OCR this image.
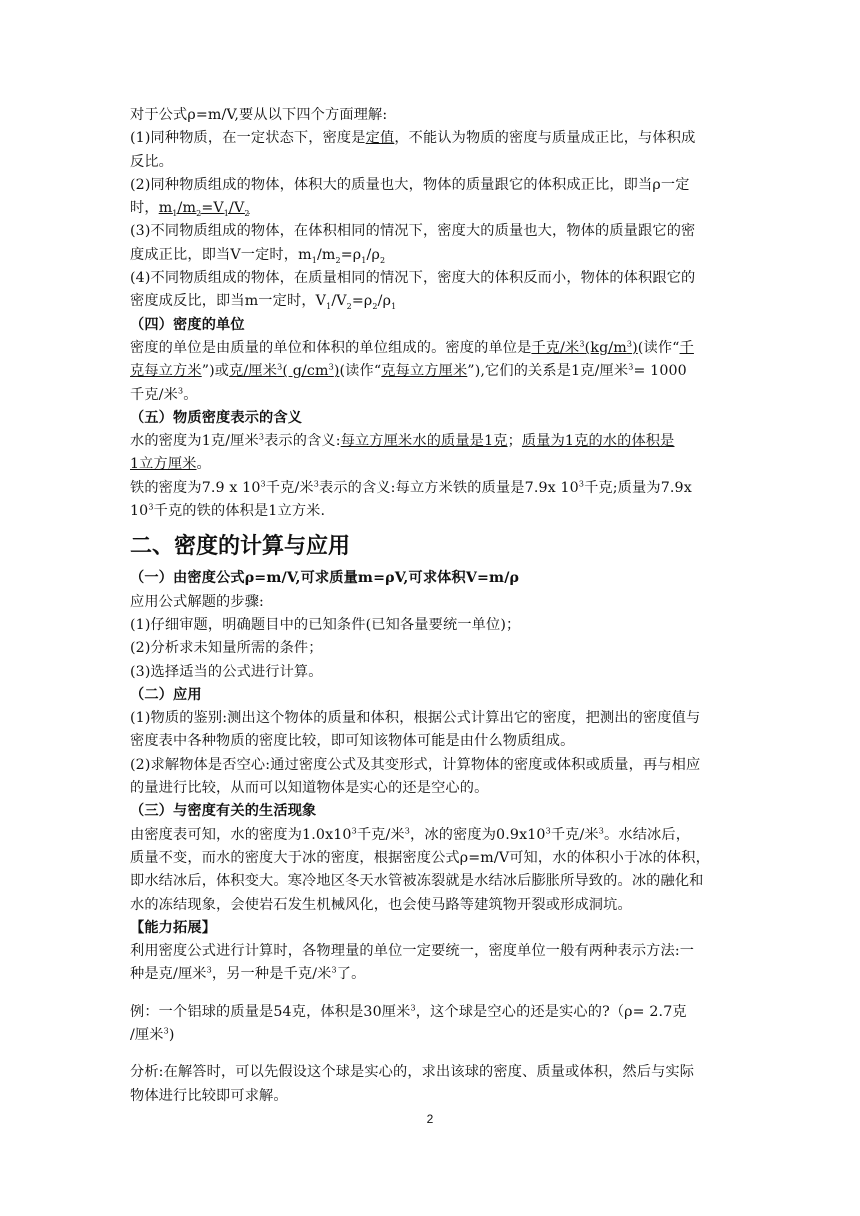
对于公式ρ=m/V,要从以下四个方面理解:
(1)同种物质，在一定状态下，密度是定值，不能认为物质的密度与质量成正比，与体积成
反比。
(2)同种物质组成的物体，体积大的质量也大，物体的质量跟它的体积成正比，即当ρ一定
时，$m_1/m_2=V_1/V_2$
(3)不同物质组成的物体，在体积相同的情况下，密度大的质量也大，物体的质量跟它的密
度成正比，即当V一定时，$m_1/m_2=\rho_1/\rho_2$
(4)不同物质组成的物体，在质量相同的情况下，密度大的体积反而小，物体的体积跟它的
密度成反比，即当m一定时，$V_1/V_2=\rho_2/\rho_1$
（四）密度的单位
密度的单位是由质量的单位和体积的单位组成的。密度的单位是千克/米$^3(kg/m^3)$(读作“千
克每立方米”)或克/厘米$^3$( $g/cm^3$)(读作“克每立方厘米”),它们的关系是1克/厘米$^3$= 1000
千克/米$^3$。
（五）物质密度表示的含义
水的密度为1克/厘米$^3$表示的含义:每立方厘米水的质量是1克；质量为1克的水的体积是
1立方厘米。
铁的密度为7.9 x $10^3$千克/米$^3$表示的含义:每立方米铁的质量是7.9x $10^3$千克;质量为7.9x
$10^3$千克的铁的体积是1立方米.
二、密度的计算与应用
（一）由密度公式ρ=m/V,可求质量m=ρV,可求体积V=m/ρ
应用公式解题的步骤:
(1)仔细审题，明确题目中的已知条件(已知各量要统一单位)；
(2)分析求未知量所需的条件；
(3)选择适当的公式进行计算。
（二）应用
(1)物质的鉴别:测出这个物体的质量和体积，根据公式计算出它的密度，把测出的密度值与
密度表中各种物质的密度比较，即可知该物体可能是由什么物质组成。
(2)求解物体是否空心:通过密度公式及其变形式，计算物体的密度或体积或质量，再与相应
的量进行比较，从而可以知道物体是实心的还是空心的。
（三）与密度有关的生活现象
由密度表可知，水的密度为$1.0x10^3$千克/米$^3$，冰的密度为$0.9x10^3$千克/米$^3$。水结冰后，
质量不变，而水的密度大于冰的密度，根据密度公式ρ=m/V可知，水的体积小于冰的体积，
即水结冰后，体积变大。寒冷地区冬天水管被冻裂就是水结冰后膨胀所导致的。冰的融化和
水的冻结现象，会使岩石发生机械风化，也会使马路等建筑物开裂或形成洞坑。
【能力拓展】
利用密度公式进行计算时，各物理量的单位一定要统一，密度单位一般有两种表示方法:一
种是克/厘米$^3$，另一种是千克/米$^3$了。
例：一个铝球的质量是54克，体积是30厘米$^3$，这个球是空心的还是实心的?（ρ= 2.7克
/厘米$^3$)
分析:在解答时，可以先假设这个球是实心的，求出该球的密度、质量或体积，然后与实际
物体进行比较即可求解。
2
